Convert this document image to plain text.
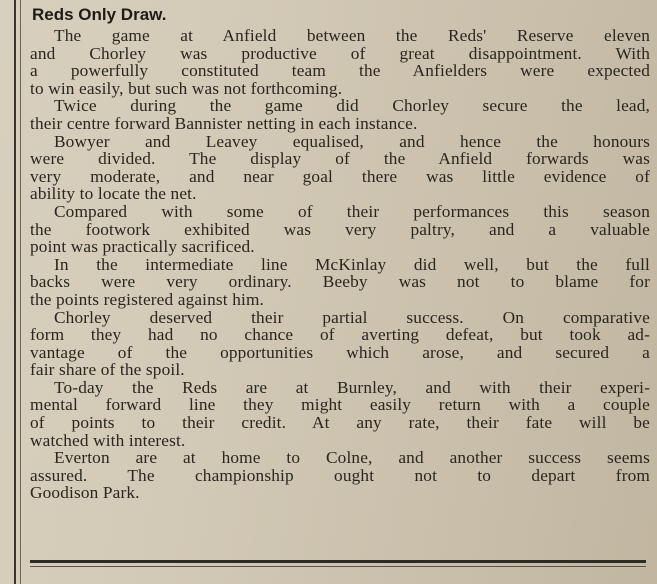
Reds Only Draw.

The game at Anfield between the Reds' Reserve eleven
and Chorley was productive of great disappointment. With
a powerfully constituted team the Anfielders were expected
to win easily, but such was not forthcoming.

Twice during the game did Chorley secure the lead,
their centre forward Bannister netting in each instance.

Bowyer and Leavey equalised, and hence the honours
were divided. The display of the Anfield forwards was
very moderate, and near goal there was little evidence of
ability to locate the net.

Compared with some of their performances this season
the footwork exhibited was very paltry, and a valuable
point was practically sacrificed.

In the intermediate line McKinlay did well, but the full
backs were very ordinary. Beeby was not to blame for
the points registered against him.

Chorley deserved their partial success. On comparative
form they had no chance of averting defeat, but took ad-
vantage of the opportunities which arose, and secured a
fair share of the spoil.

To-day the Reds are at Burnley, and with their experi-
mental forward line they might easily return with a couple
of points to their credit. At any rate, their fate will be
watched with interest.

Everton are at home to Colne, and another success seems
assured. The championship ought not to depart from
Goodison Park.
